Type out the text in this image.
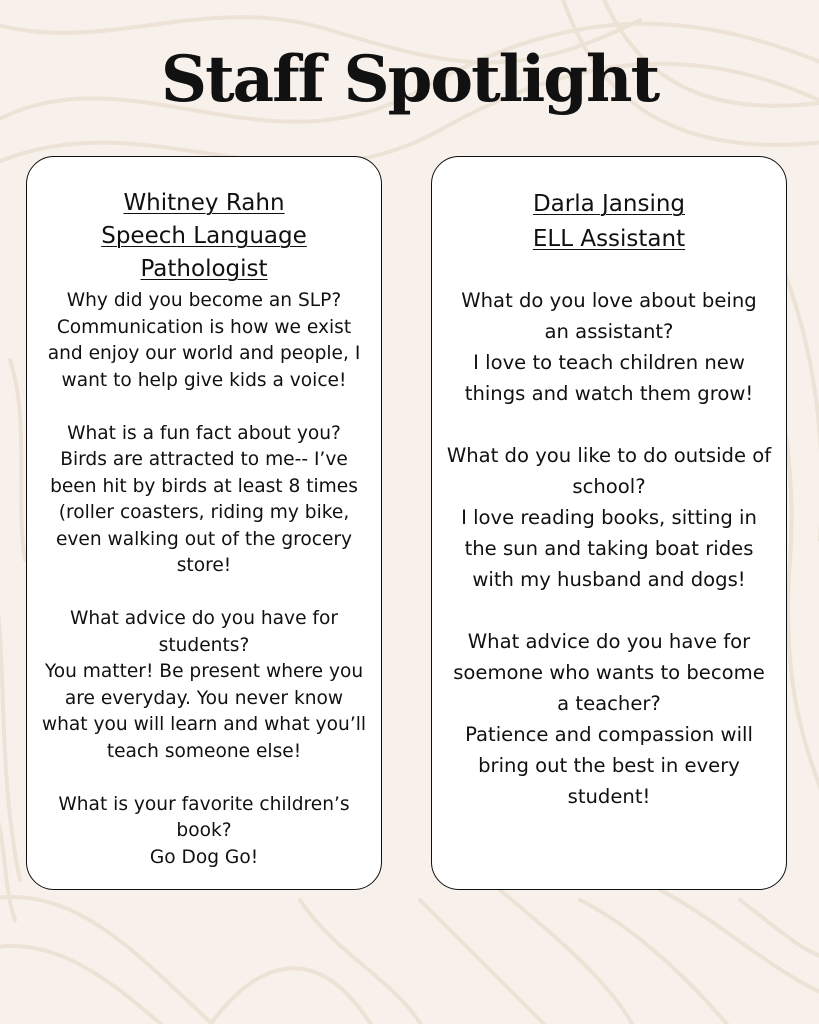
Staff Spotlight
Whitney Rahn
Speech Language
Pathologist
Why did you become an SLP?
Communication is how we exist and enjoy our world and people, I want to help give kids a voice!
What is a fun fact about you?
Birds are attracted to me-- I’ve been hit by birds at least 8 times (roller coasters, riding my bike, even walking out of the grocery store!
What advice do you have for students?
You matter! Be present where you are everyday. You never know what you will learn and what you’ll teach someone else!
What is your favorite children’s book?
Go Dog Go!
Darla Jansing
ELL Assistant
What do you love about being an assistant?
I love to teach children new things and watch them grow!
What do you like to do outside of school?
I love reading books, sitting in the sun and taking boat rides with my husband and dogs!
What advice do you have for soemone who wants to become a teacher?
Patience and compassion will bring out the best in every student!
